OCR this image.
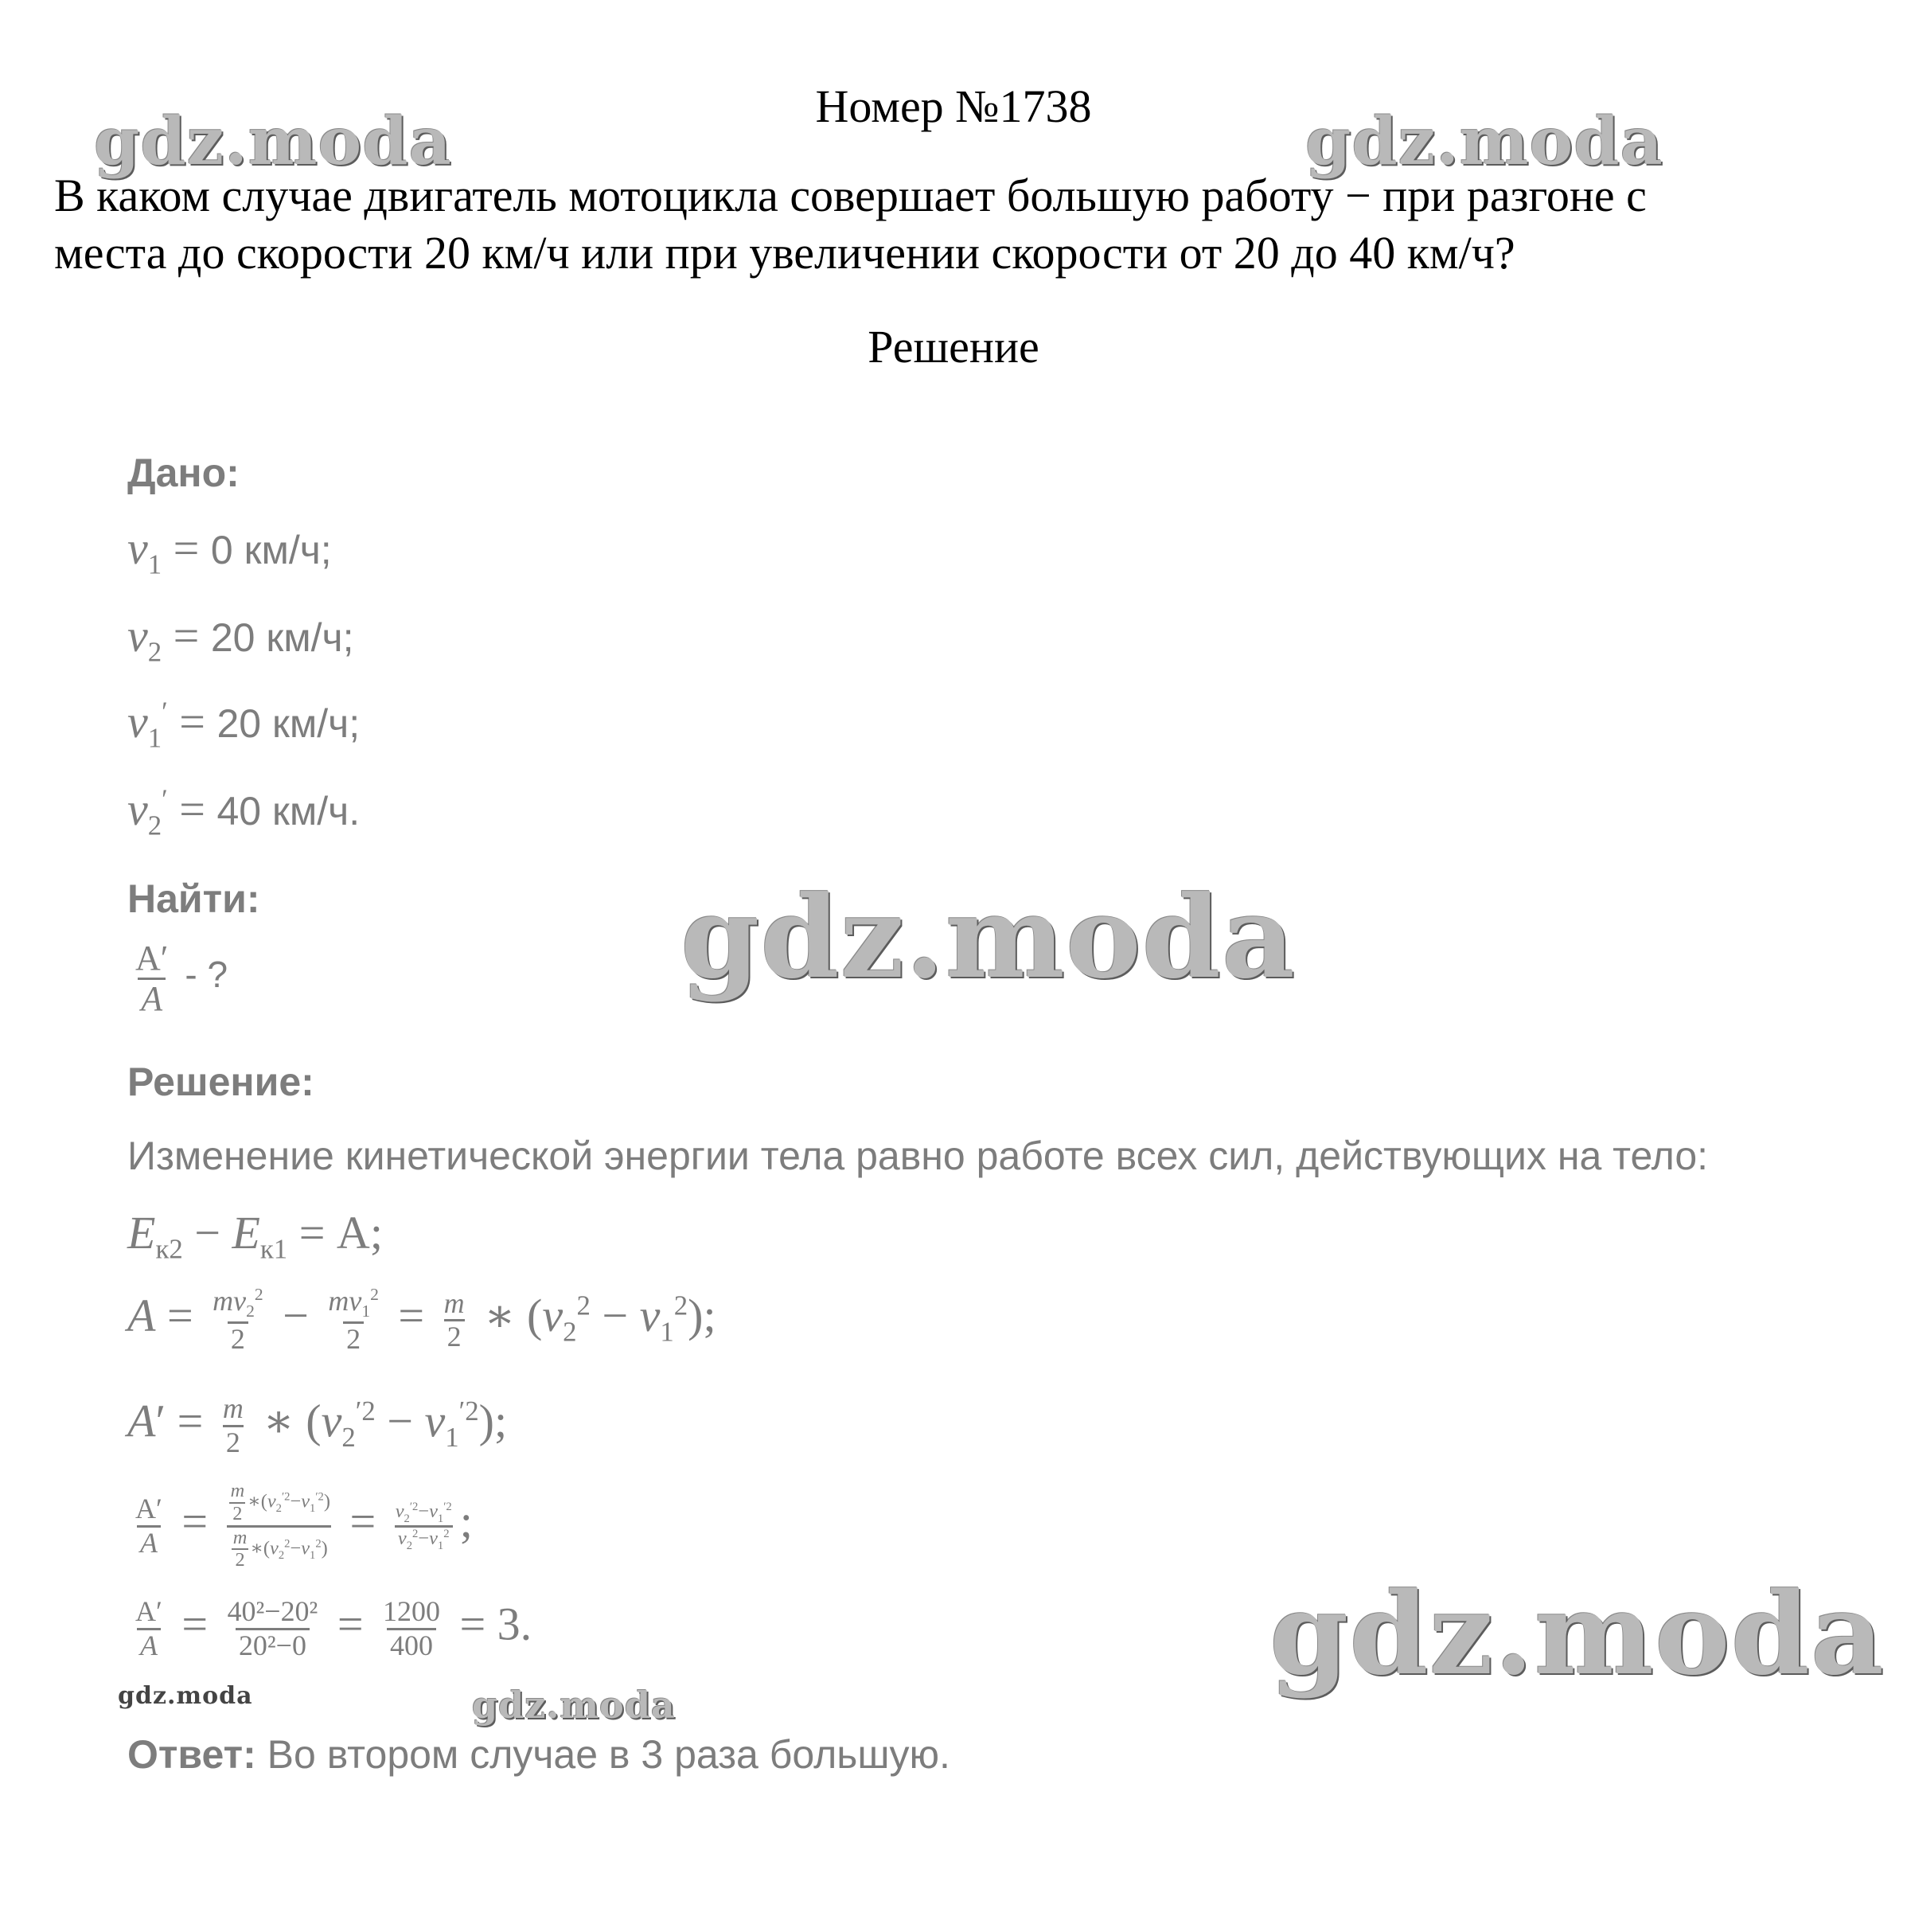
Номер №1738
В каком случае двигатель мотоцикла совершает большую работу − при разгоне с
места до скорости 20 км/ч или при увеличении скорости от 20 до 40 км/ч?
Решение
Дано:
$v_1 = 0$ км/ч;
$v_2 = 20$ км/ч;
$v_1' = 20$ км/ч;
$v_2' = 40$ км/ч.
Найти:
$\frac{A'}{A}$ - ?
Решение:
Изменение кинетической энергии тела равно работе всех сил, действующих на тело:
$E_{к2} - E_{к1} = A$;
$A = \frac{mv_2^2}{2} - \frac{mv_1^2}{2} = \frac{m}{2}$ ∗ $(v_2^2 - v_1^2)$;
$A' = \frac{m}{2}$ ∗ $(v_2^{'2} - v_1^{'2})$;
$\frac{A'}{A} = \frac{\frac{m}{2} ∗(v_2^{'2}-v_1^{'2})}{\frac{m}{2} ∗(v_2^2-v_1^2)} = \frac{v_2^{'2}-v_1^{'2}}{v_2^2-v_1^2}$ ;
$\frac{A'}{A} = \frac{\text{40²−20²}}{\text{20²−0}} = \frac{1200}{400} = 3$.
Ответ: Во втором случае в 3 раза большую.
gdz.moda	gdz.moda
gdz.moda
gdz.moda
gdz.moda	gdz.moda
